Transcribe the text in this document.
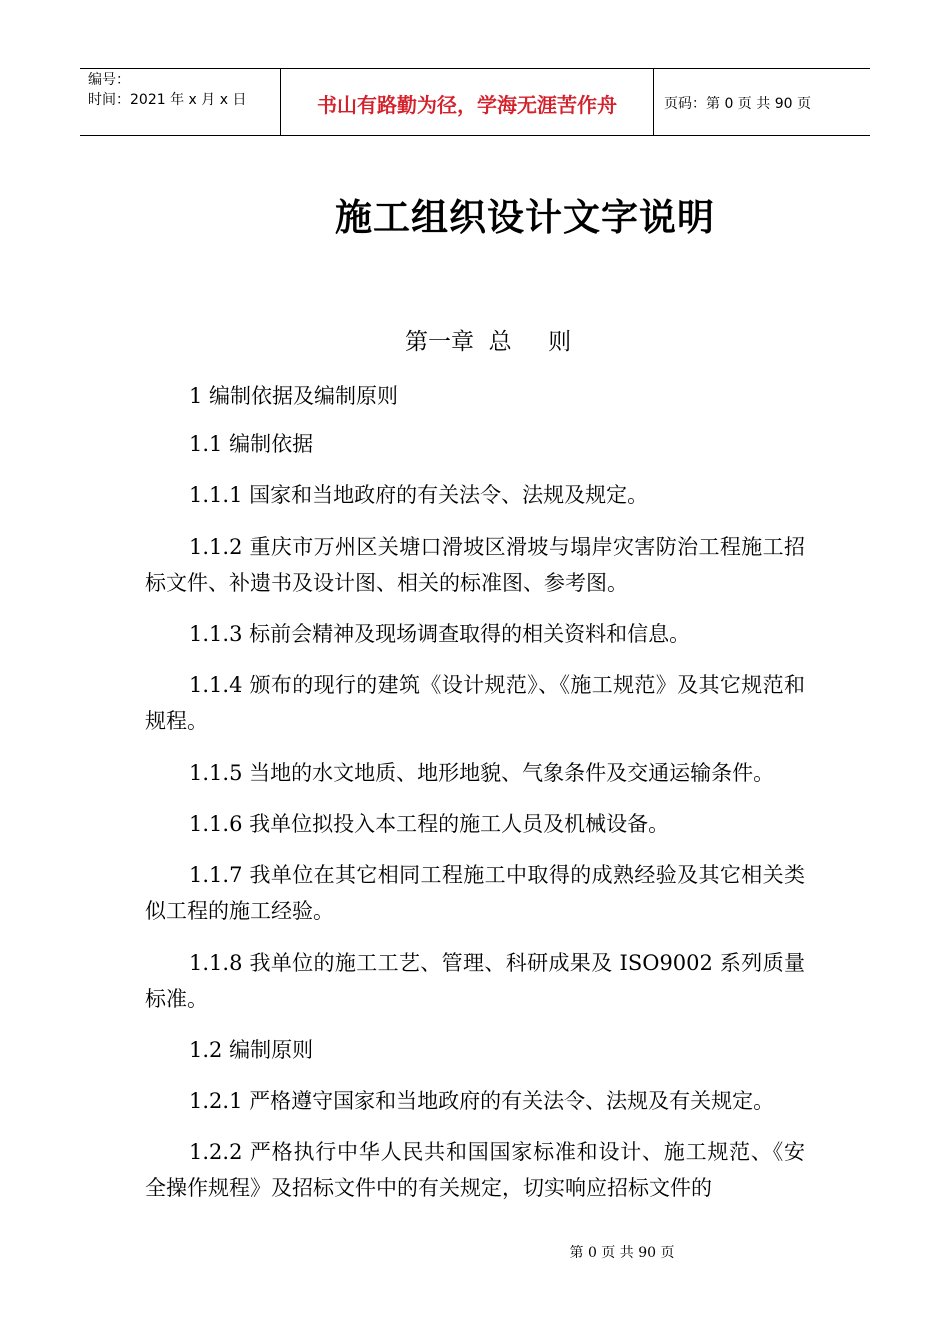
编号：
时间：2021 年 x 月 x 日	书山有路勤为径，学海无涯苦作舟	页码：第 0 页 共 90 页
施工组织设计文字说明
第一章  总     则
1 编制依据及编制原则
1.1 编制依据
1.1.1 国家和当地政府的有关法令、法规及规定。
1.1.2 重庆市万州区关塘口滑坡区滑坡与塌岸灾害防治工程施工招标文件、补遗书及设计图、相关的标准图、参考图。
1.1.3 标前会精神及现场调查取得的相关资料和信息。
1.1.4 颁布的现行的建筑《设计规范》、《施工规范》及其它规范和规程。
1.1.5 当地的水文地质、地形地貌、气象条件及交通运输条件。
1.1.6 我单位拟投入本工程的施工人员及机械设备。
1.1.7 我单位在其它相同工程施工中取得的成熟经验及其它相关类似工程的施工经验。
1.1.8 我单位的施工工艺、管理、科研成果及 ISO9002 系列质量标准。
1.2 编制原则
1.2.1 严格遵守国家和当地政府的有关法令、法规及有关规定。
1.2.2 严格执行中华人民共和国国家标准和设计、施工规范、《安全操作规程》及招标文件中的有关规定，切实响应招标文件的
第 0 页 共 90 页
